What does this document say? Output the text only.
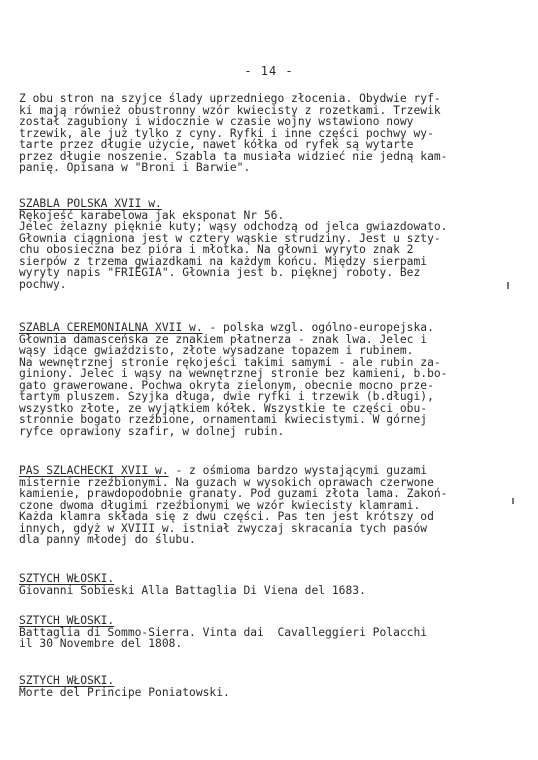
- 14 -
Z obu stron na szyjce ślady uprzedniego złocenia. Obydwie ryf-
ki mają również obustronny wzór kwiecisty z rozetkami. Trzewik
został zagubiony i widocznie w czasie wojny wstawiono nowy
trzewik, ale już tylko z cyny. Ryfki i inne części pochwy wy-
tarte przez długie użycie, nawet kółka od ryfek są wytarte
przez długie noszenie. Szabla ta musiała widzieć nie jedną kam-
panię. Opisana w "Broni i Barwie".
SZABLA POLSKA XVII w.
Rękojeść karabelowa jak eksponat Nr 56.
Jelec żelazny pięknie kuty; wąsy odchodzą od jelca gwiazdowato.
Głownia ciągniona jest w cztery wąskie strudziny. Jest u szty-
chu obosieczna bez pióra i młotka. Na głowni wyryto znak 2
sierpów z trzema gwiazdkami na każdym końcu. Między sierpami
wyryty napis "FRIEGIA". Głownia jest b. pięknej roboty. Bez
pochwy.
SZABLA CEREMONIALNA XVII w. - polska wzgl. ogólno-europejska.
Głownia damasceńska ze znakiem płatnerza - znak lwa. Jelec i
wąsy idące gwiaździsto, złote wysadzane topazem i rubinem.
Na wewnętrznej stronie rękojeści takimi samymi - ale rubin za-
giniony. Jelec i wąsy na wewnętrznej stronie bez kamieni, b.bo-
gato grawerowane. Pochwa okryta zielonym, obecnie mocno prze-
tartym pluszem. Szyjka długa, dwie ryfki i trzewik (b.długi),
wszystko złote, ze wyjątkiem kółek. Wszystkie te części obu-
stronnie bogato rzeźbione, ornamentami kwiecistymi. W górnej
ryfce oprawiony szafir, w dolnej rubin.
PAS SZLACHECKI XVII w. - z ośmioma bardzo wystającymi guzami
misternie rzeźbionymi. Na guzach w wysokich oprawach czerwone
kamienie, prawdopodobnie granaty. Pod guzami złota lama. Zakoń-
czone dwoma długimi rzeźbionymi we wzór kwiecisty klamrami.
Każda klamra składa się z dwu części. Pas ten jest krótszy od
innych, gdyż w XVIII w. istniał zwyczaj skracania tych pasów
dla panny młodej do ślubu.
SZTYCH WŁOSKI.
Giovanni Sobieski Alla Battaglia Di Viena del 1683.
SZTYCH WŁOSKI.
Battaglia di Sommo-Sierra. Vinta dai  Cavalleggieri Polacchi
il 30 Novembre del 1808.
SZTYCH WŁOSKI.
Morte del Principe Poniatowski.
